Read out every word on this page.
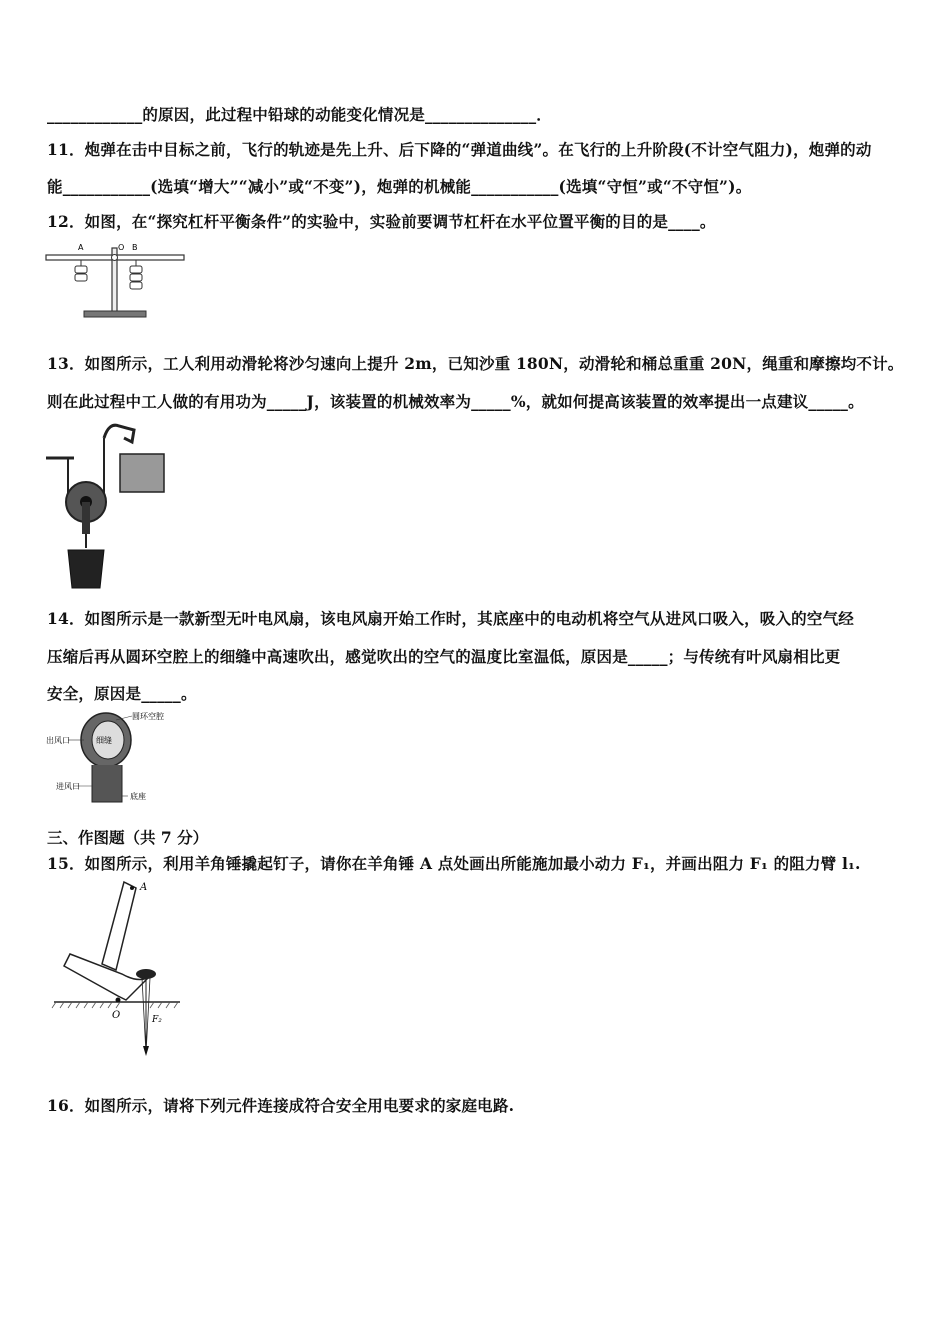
____________的原因，此过程中铅球的动能变化情况是______________．
11．炮弹在击中目标之前，飞行的轨迹是先上升、后下降的“弹道曲线”。在飞行的上升阶段(不计空气阻力)，炮弹的动
能___________(选填“增大”“减小”或“不变”)，炮弹的机械能___________(选填“守恒”或“不守恒”)。
12．如图，在“探究杠杆平衡条件”的实验中，实验前要调节杠杆在水平位置平衡的目的是____。
A	O B
13．如图所示，工人利用动滑轮将沙匀速向上提升 2m，已知沙重 180N，动滑轮和桶总重重 20N，绳重和摩擦均不计。
则在此过程中工人做的有用功为_____J，该装置的机械效率为_____%，就如何提高该装置的效率提出一点建议_____。
14．如图所示是一款新型无叶电风扇，该电风扇开始工作时，其底座中的电动机将空气从进风口吸入，吸入的空气经
压缩后再从圆环空腔上的细缝中高速吹出，感觉吹出的空气的温度比室温低，原因是_____；与传统有叶风扇相比更
安全，原因是_____。
圆环空腔
出风口	细缝
进风口
底座
三、作图题（共 7 分）
15．如图所示，利用羊角锤撬起钉子，请你在羊角锤 A 点处画出所能施加最小动力 F₁，并画出阻力 F₁ 的阻力臂 l₁.
A
O	F₂
16．如图所示，请将下列元件连接成符合安全用电要求的家庭电路.
